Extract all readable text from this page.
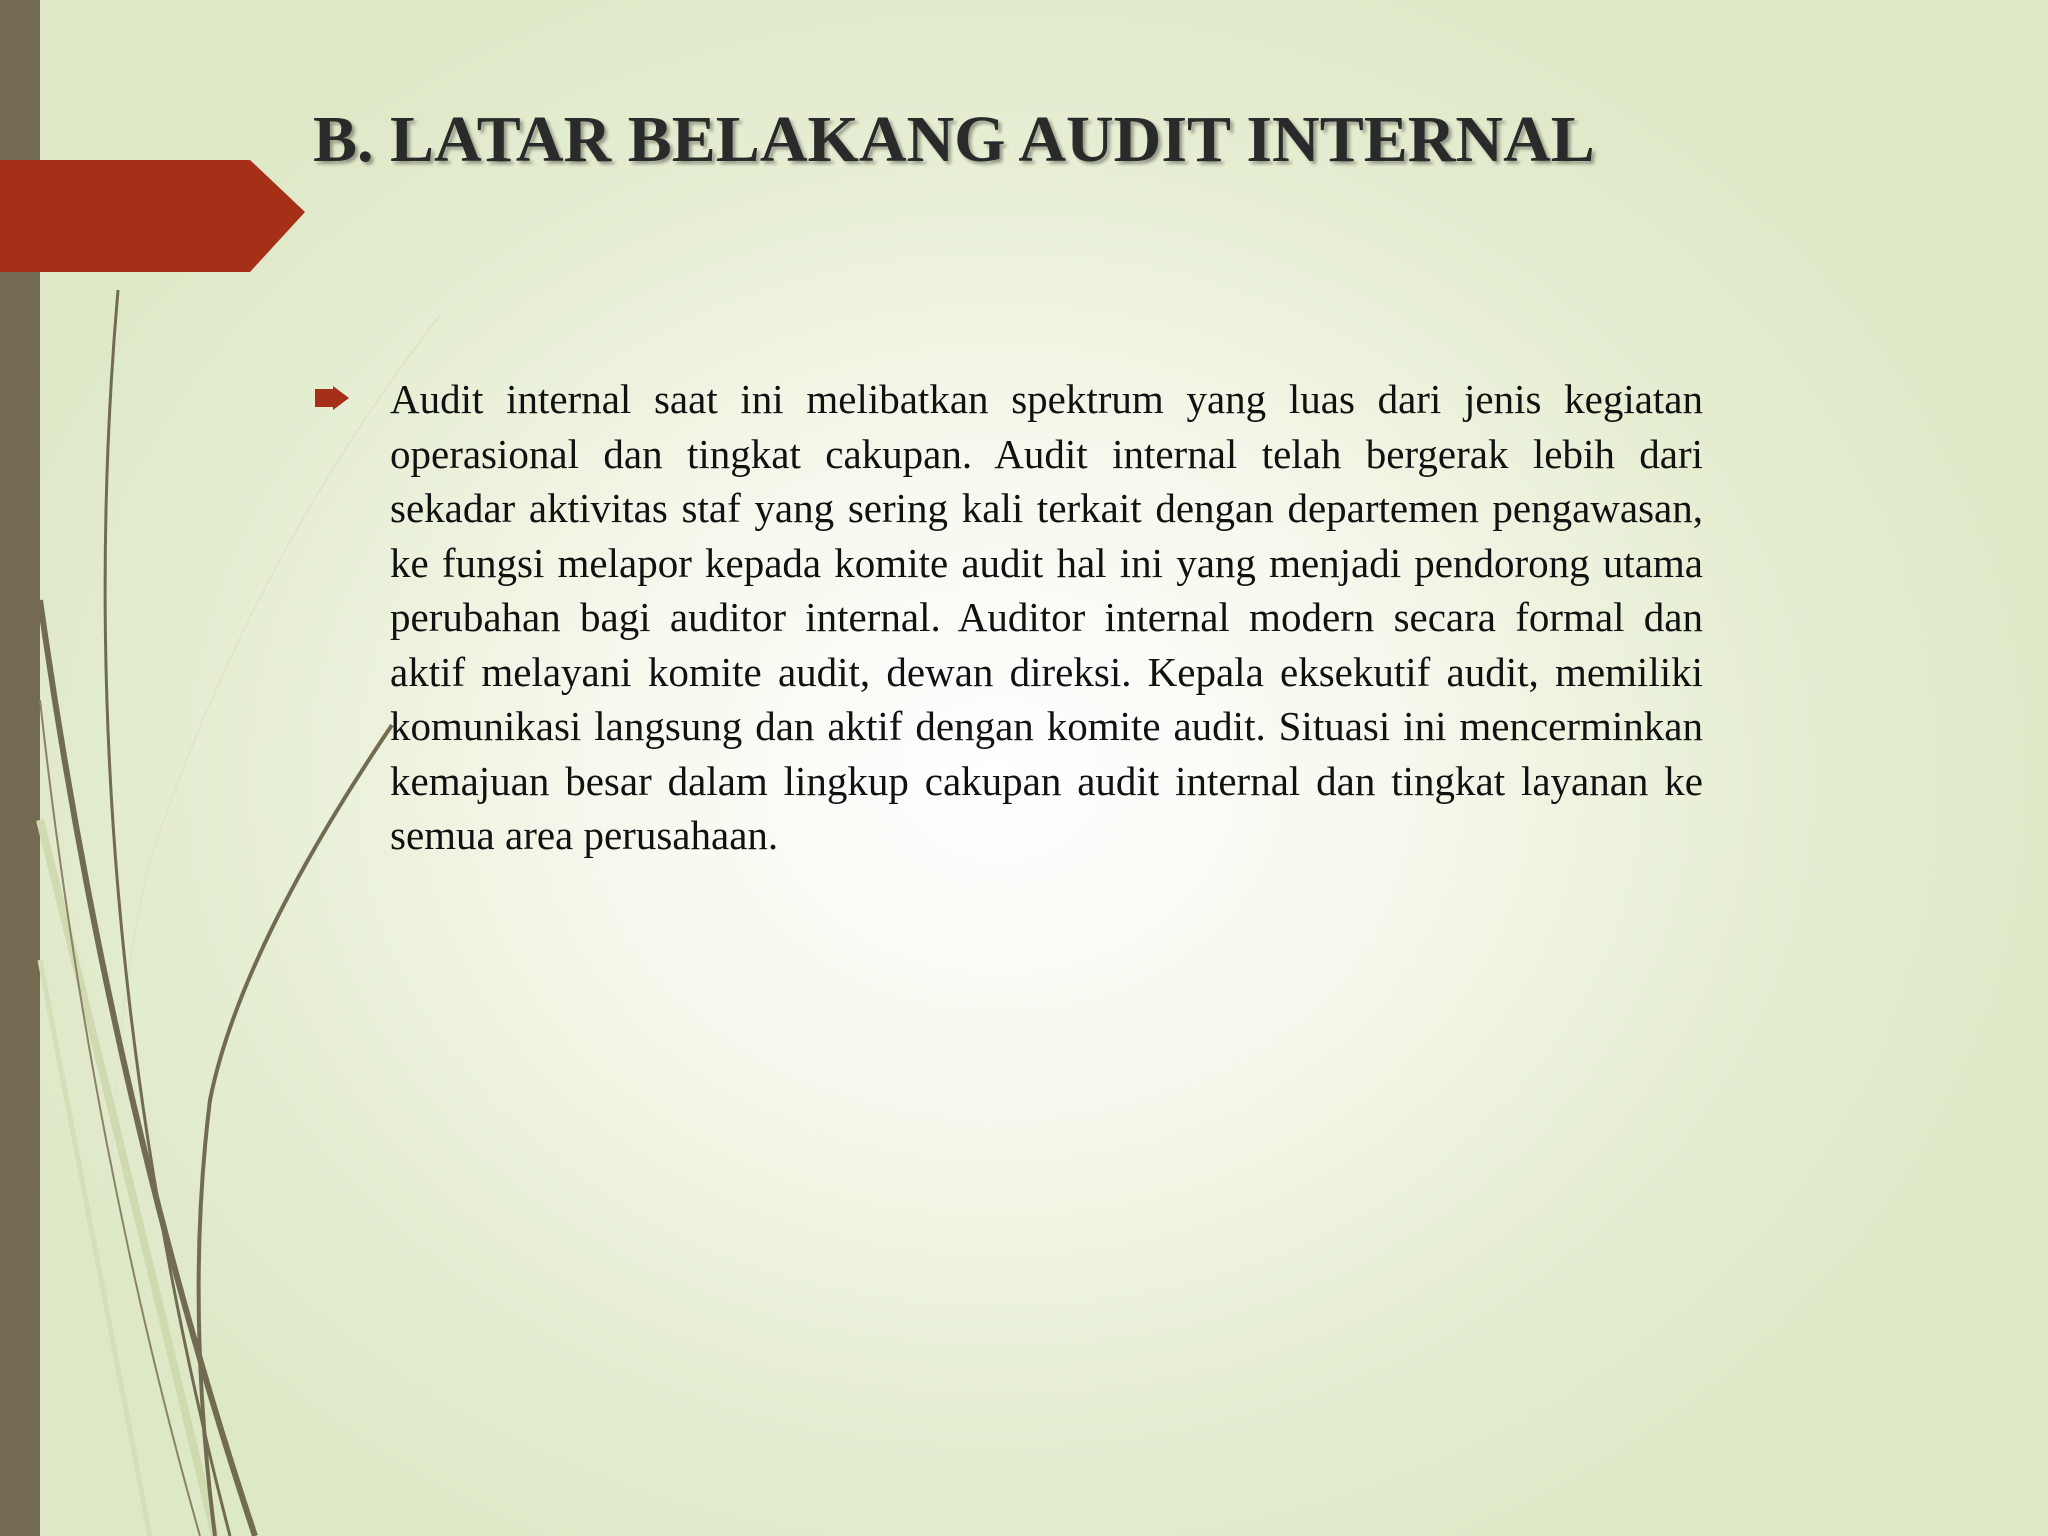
B. LATAR BELAKANG AUDIT INTERNAL

Audit internal saat ini melibatkan spektrum yang luas dari jenis kegiatan operasional dan tingkat cakupan. Audit internal telah bergerak lebih dari sekadar aktivitas staf yang sering kali terkait dengan departemen pengawasan, ke fungsi melapor kepada komite audit hal ini yang menjadi pendorong utama perubahan bagi auditor internal. Auditor internal modern secara formal dan aktif melayani komite audit, dewan direksi. Kepala eksekutif audit, memiliki komunikasi langsung dan aktif dengan komite audit. Situasi ini mencerminkan kemajuan besar dalam lingkup cakupan audit internal dan tingkat layanan ke semua area perusahaan.
